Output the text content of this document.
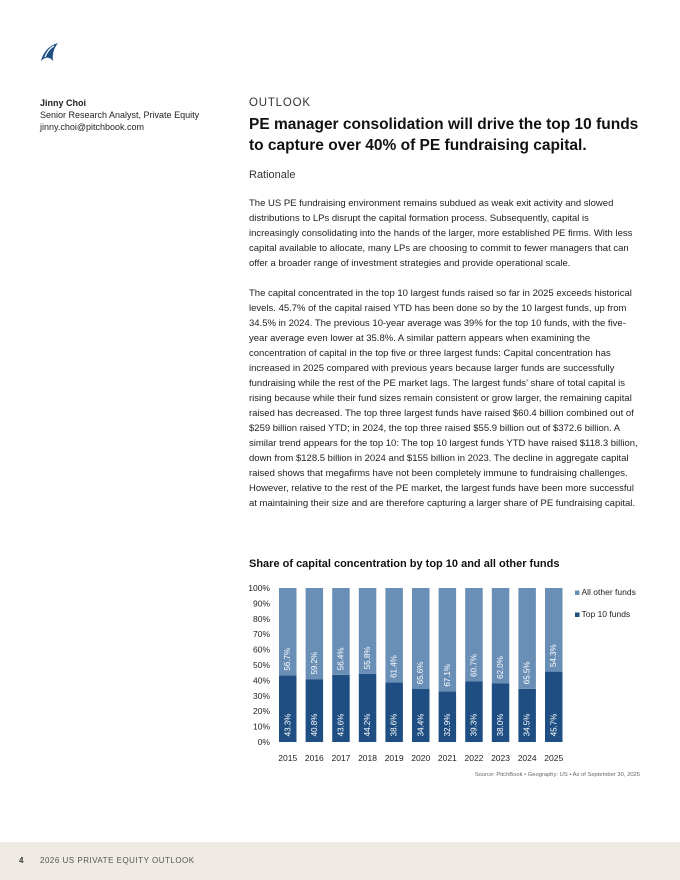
Jinny Choi
Senior Research Analyst, Private Equity
jinny.choi@pitchbook.com
OUTLOOK
PE manager consolidation will drive the top 10 funds to capture over 40% of PE fundraising capital.
Rationale

The US PE fundraising environment remains subdued as weak exit activity and slowed distributions to LPs disrupt the capital formation process. Subsequently, capital is increasingly consolidating into the hands of the larger, more established PE firms. With less capital available to allocate, many LPs are choosing to commit to fewer managers that can offer a broader range of investment strategies and provide operational scale.

The capital concentrated in the top 10 largest funds raised so far in 2025 exceeds historical levels. 45.7% of the capital raised YTD has been done so by the 10 largest funds, up from 34.5% in 2024. The previous 10-year average was 39% for the top 10 funds, with the five-year average even lower at 35.8%. A similar pattern appears when examining the concentration of capital in the top five or three largest funds: Capital concentration has increased in 2025 compared with previous years because larger funds are successfully fundraising while the rest of the PE market lags. The largest funds’ share of total capital is rising because while their fund sizes remain consistent or grow larger, the remaining capital raised has decreased. The top three largest funds have raised $60.4 billion combined out of $259 billion raised YTD; in 2024, the top three raised $55.9 billion out of $372.6 billion. A similar trend appears for the top 10: The top 10 largest funds YTD have raised $118.3 billion, down from $128.5 billion in 2024 and $155 billion in 2023. The decline in aggregate capital raised shows that megafirms have not been completely immune to fundraising challenges. However, relative to the rest of the PE market, the largest funds have been more successful at maintaining their size and are therefore capturing a larger share of PE fundraising capital.

Share of capital concentration by top 10 and all other funds
0%
10%
20%
30%
40%
50%
60%
70%
80%
90%
100%
43.3%
56.7%
2015
40.8%
59.2%
2016
43.6%
56.4%
2017
44.2%
55.8%
2018
38.6%
61.4%
2019
34.4%
65.6%
2020
32.9%
67.1%
2021
39.3%
60.7%
2022
38.0%
62.0%
2023
34.5%
65.5%
2024
45.7%
54.3%
2025
All other funds
Top 10 funds
Source: PitchBook • Geography: US • As of September 30, 2025
4 2026 US PRIVATE EQUITY OUTLOOK
